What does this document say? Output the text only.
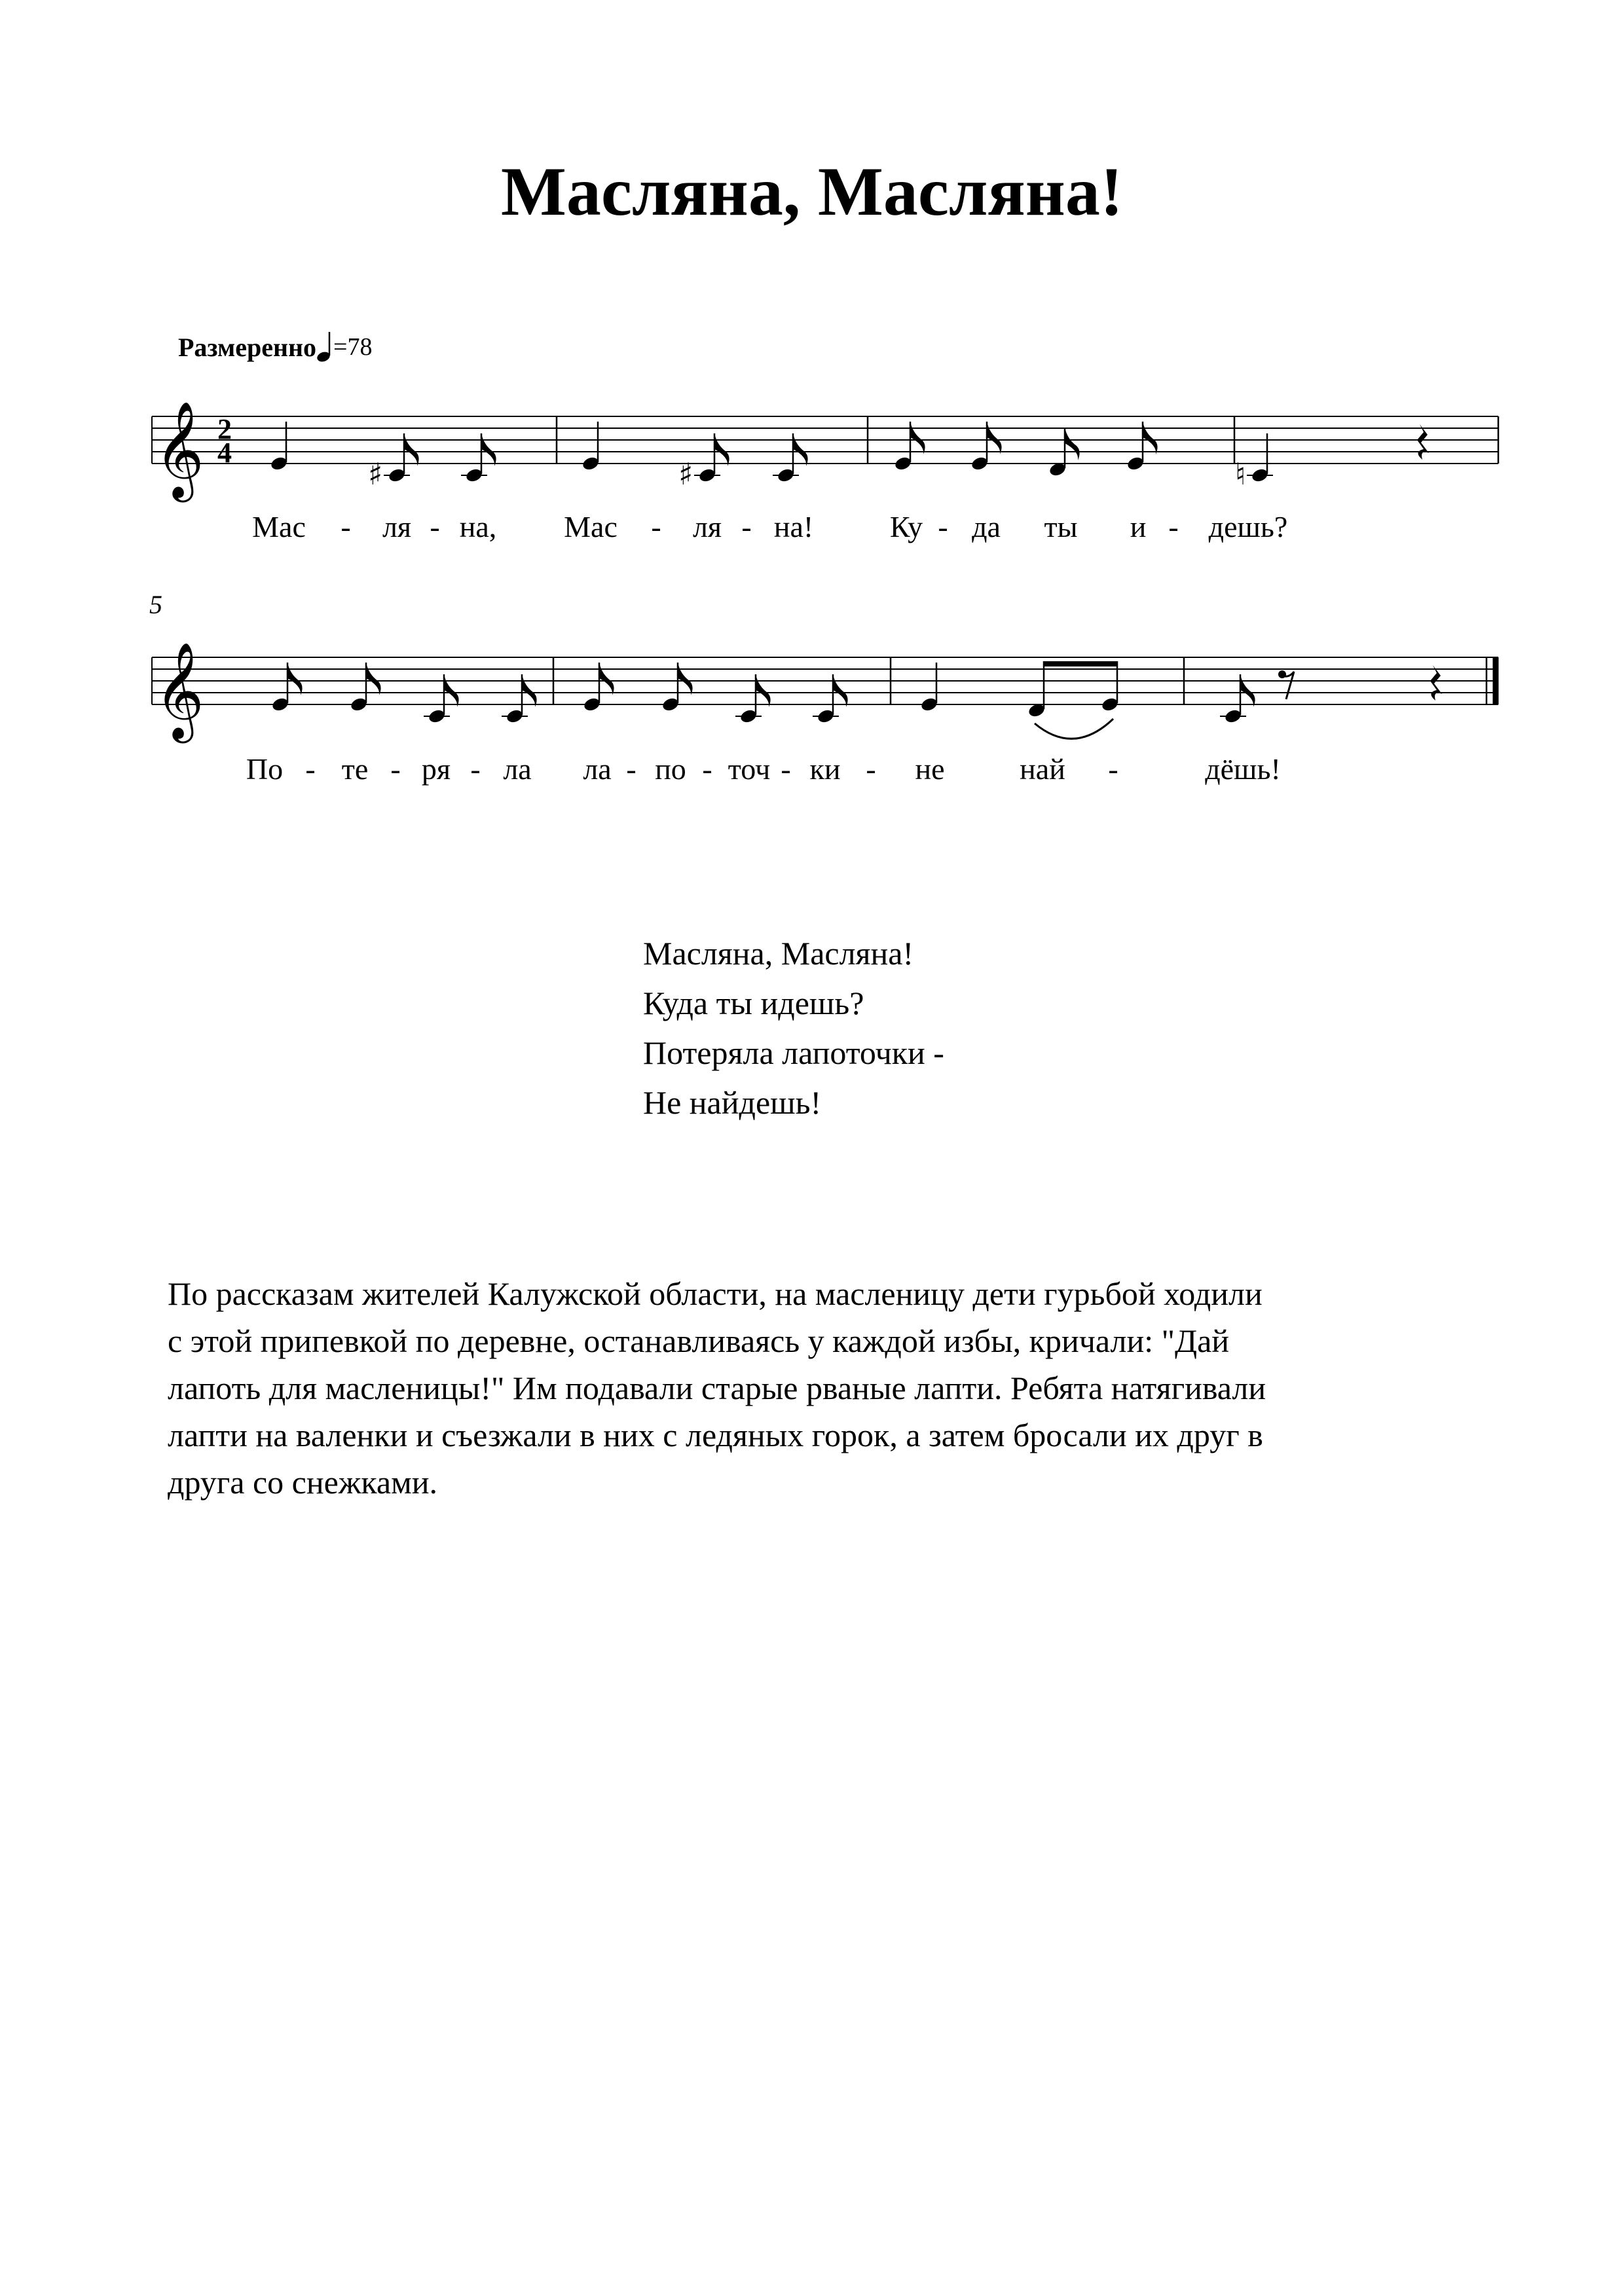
Масляна, Масляна!
Размеренно =78
5
𝄞
𝄞
2
4
♯	♯	♮
Мас - ля - на, Мас - ля - на!	Ку - да ты и - дешь?
По - те - ря - ла ла - по - точ - ки - не най -	дёшь!
Масляна, Масляна!
Куда ты идешь?
Потеряла лапоточки -
Не найдешь!
По рассказам жителей Калужской области, на масленицу дети гурьбой ходили
с этой припевкой по деревне, останавливаясь у каждой избы, кричали: "Дай
лапоть для масленицы!" Им подавали старые рваные лапти. Ребята натягивали
лапти на валенки и съезжали в них с ледяных горок, а затем бросали их друг в
друга со снежками.
